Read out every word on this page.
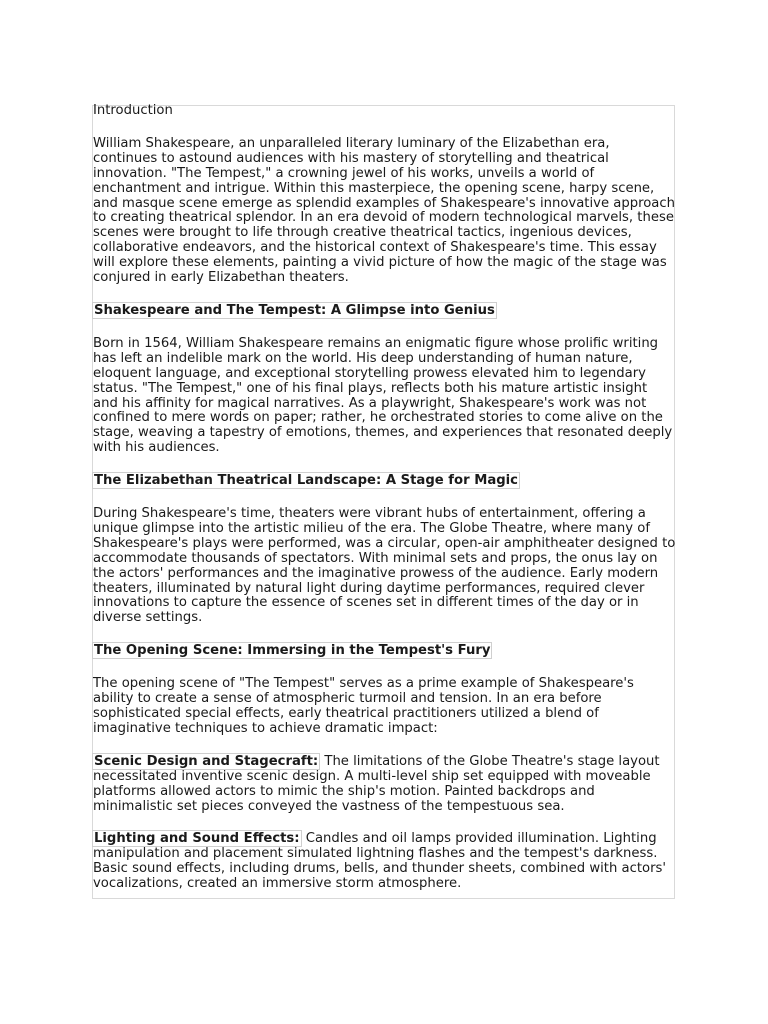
Introduction

William Shakespeare, an unparalleled literary luminary of the Elizabethan era, continues to astound audiences with his mastery of storytelling and theatrical innovation. "The Tempest," a crowning jewel of his works, unveils a world of enchantment and intrigue. Within this masterpiece, the opening scene, harpy scene, and masque scene emerge as splendid examples of Shakespeare's innovative approach to creating theatrical splendor. In an era devoid of modern technological marvels, these scenes were brought to life through creative theatrical tactics, ingenious devices, collaborative endeavors, and the historical context of Shakespeare's time. This essay will explore these elements, painting a vivid picture of how the magic of the stage was conjured in early Elizabethan theaters.

Shakespeare and The Tempest: A Glimpse into Genius

Born in 1564, William Shakespeare remains an enigmatic figure whose prolific writing has left an indelible mark on the world. His deep understanding of human nature, eloquent language, and exceptional storytelling prowess elevated him to legendary status. "The Tempest," one of his final plays, reflects both his mature artistic insight and his affinity for magical narratives. As a playwright, Shakespeare's work was not confined to mere words on paper; rather, he orchestrated stories to come alive on the stage, weaving a tapestry of emotions, themes, and experiences that resonated deeply with his audiences.

The Elizabethan Theatrical Landscape: A Stage for Magic

During Shakespeare's time, theaters were vibrant hubs of entertainment, offering a unique glimpse into the artistic milieu of the era. The Globe Theatre, where many of Shakespeare's plays were performed, was a circular, open-air amphitheater designed to accommodate thousands of spectators. With minimal sets and props, the onus lay on the actors' performances and the imaginative prowess of the audience. Early modern theaters, illuminated by natural light during daytime performances, required clever innovations to capture the essence of scenes set in different times of the day or in diverse settings.

The Opening Scene: Immersing in the Tempest's Fury

The opening scene of "The Tempest" serves as a prime example of Shakespeare's ability to create a sense of atmospheric turmoil and tension. In an era before sophisticated special effects, early theatrical practitioners utilized a blend of imaginative techniques to achieve dramatic impact:

Scenic Design and Stagecraft: The limitations of the Globe Theatre's stage layout necessitated inventive scenic design. A multi-level ship set equipped with moveable platforms allowed actors to mimic the ship's motion. Painted backdrops and minimalistic set pieces conveyed the vastness of the tempestuous sea.

Lighting and Sound Effects: Candles and oil lamps provided illumination. Lighting manipulation and placement simulated lightning flashes and the tempest's darkness. Basic sound effects, including drums, bells, and thunder sheets, combined with actors' vocalizations, created an immersive storm atmosphere.
